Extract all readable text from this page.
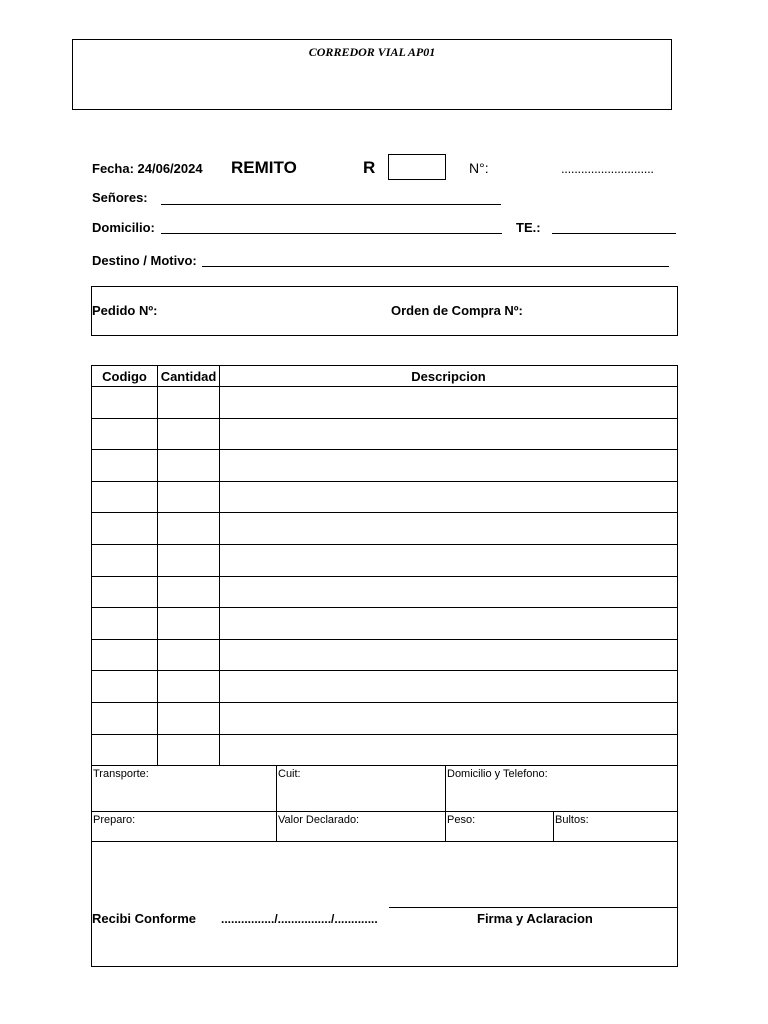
CORREDOR VIAL AP01
Fecha: 24/06/2024 REMITO	R	N°:	............................
Señores:
Domicilio:	TE.:
Destino / Motivo:
Pedido Nº:	Orden de Compra Nº:
Codigo	Cantidad	Descripcion

Transporte:	Cuit:	Domicilio y Telefono:
Preparo:	Valor Declarado:	Peso:	Bultos:
Recibi Conforme ................/................/.............	Firma y Aclaracion
